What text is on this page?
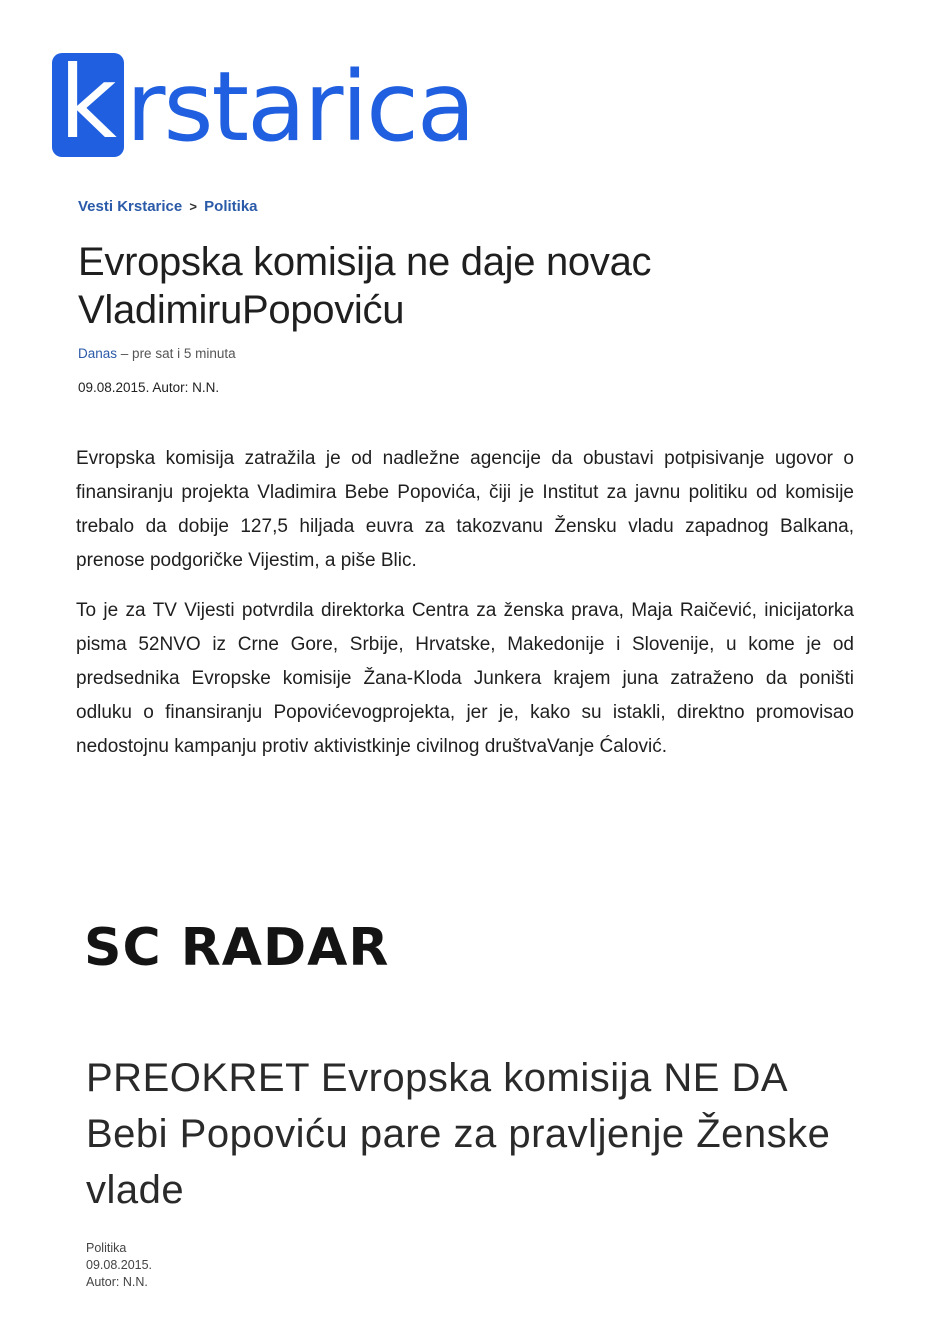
k rstarica
Vesti Krstarice > Politika
Evropska komisija ne daje novac
VladimiruPopoviću
Danas – pre sat i 5 minuta
09.08.2015. Autor: N.N.

Evropska komisija zatražila je od nadležne agencije da obustavi potpisivanje ugovor o finansiranju projekta Vladimira Bebe Popovića, čiji je Institut za javnu politiku od komisije trebalo da dobije 127,5 hiljada euvra za takozvanu Žensku vladu zapadnog Balkana, prenose podgoričke Vijestim, a piše Blic.

To je za TV Vijesti potvrdila direktorka Centra za ženska prava, Maja Raičević, inicijatorka pisma 52NVO iz Crne Gore, Srbije, Hrvatske, Makedonije i Slovenije, u kome je od predsednika Evropske komisije Žana-Kloda Junkera krajem juna zatraženo da poništi odluku o finansiranju Popovićevogprojekta, jer je, kako su istakli, direktno promovisao nedostojnu kampanju protiv aktivistkinje civilnog društvaVanje Ćalović.

SC RADAR
PREOKRET Evropska komisija NE DA Bebi Popoviću pare za pravljenje Ženske vlade
Politika
09.08.2015.
Autor: N.N.
